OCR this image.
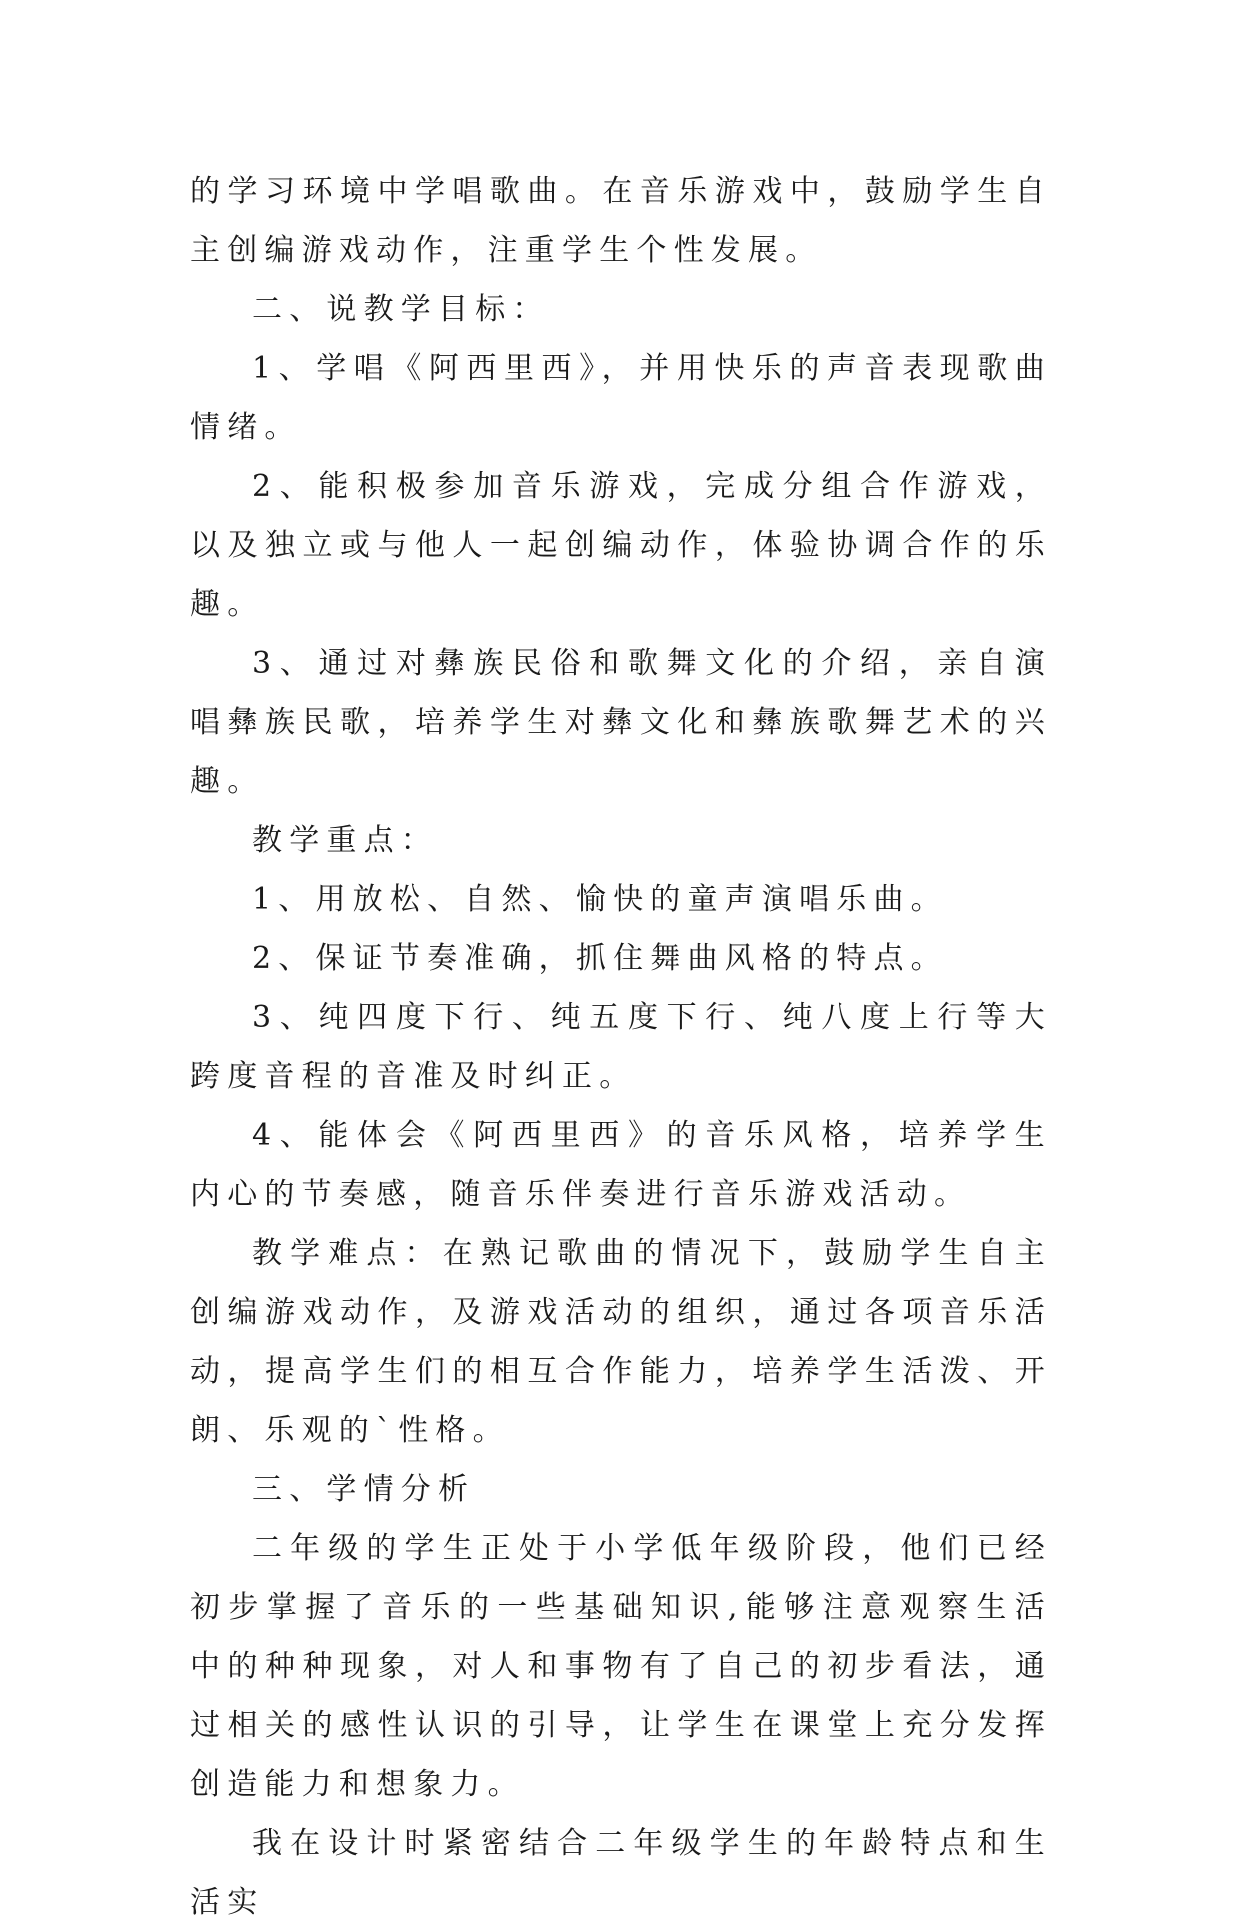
的学习环境中学唱歌曲。在音乐游戏中，鼓励学生自主创编游戏动作，注重学生个性发展。

二、说教学目标：

1、学唱《阿西里西》，并用快乐的声音表现歌曲情绪。

2、能积极参加音乐游戏，完成分组合作游戏，以及独立或与他人一起创编动作，体验协调合作的乐趣。

3、通过对彝族民俗和歌舞文化的介绍，亲自演唱彝族民歌，培养学生对彝文化和彝族歌舞艺术的兴趣。

教学重点：

1、用放松、自然、愉快的童声演唱乐曲。

2、保证节奏准确，抓住舞曲风格的特点。

3、纯四度下行、纯五度下行、纯八度上行等大跨度音程的音准及时纠正。

4、能体会《阿西里西》的音乐风格，培养学生内心的节奏感，随音乐伴奏进行音乐游戏活动。

教学难点：在熟记歌曲的情况下，鼓励学生自主创编游戏动作，及游戏活动的组织，通过各项音乐活动，提高学生们的相互合作能力，培养学生活泼、开朗、乐观的`性格。

三、学情分析

二年级的学生正处于小学低年级阶段，他们已经初步掌握了音乐的一些基础知识,能够注意观察生活中的种种现象，对人和事物有了自己的初步看法，通过相关的感性认识的引导，让学生在课堂上充分发挥创造能力和想象力。

我在设计时紧密结合二年级学生的年龄特点和生活实
